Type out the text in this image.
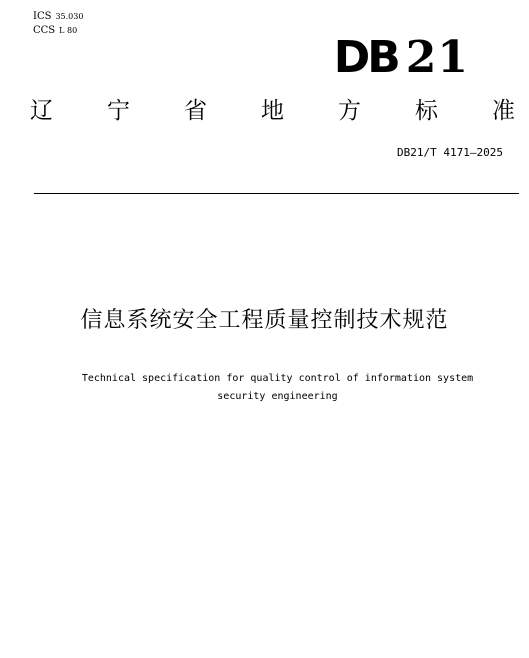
ICS 35.030
CCS L 80
DB 21
辽 宁 省 地 方 标 准
DB21/T 4171—2025
信息系统安全工程质量控制技术规范
Technical specification for quality control of information system
security engineering
